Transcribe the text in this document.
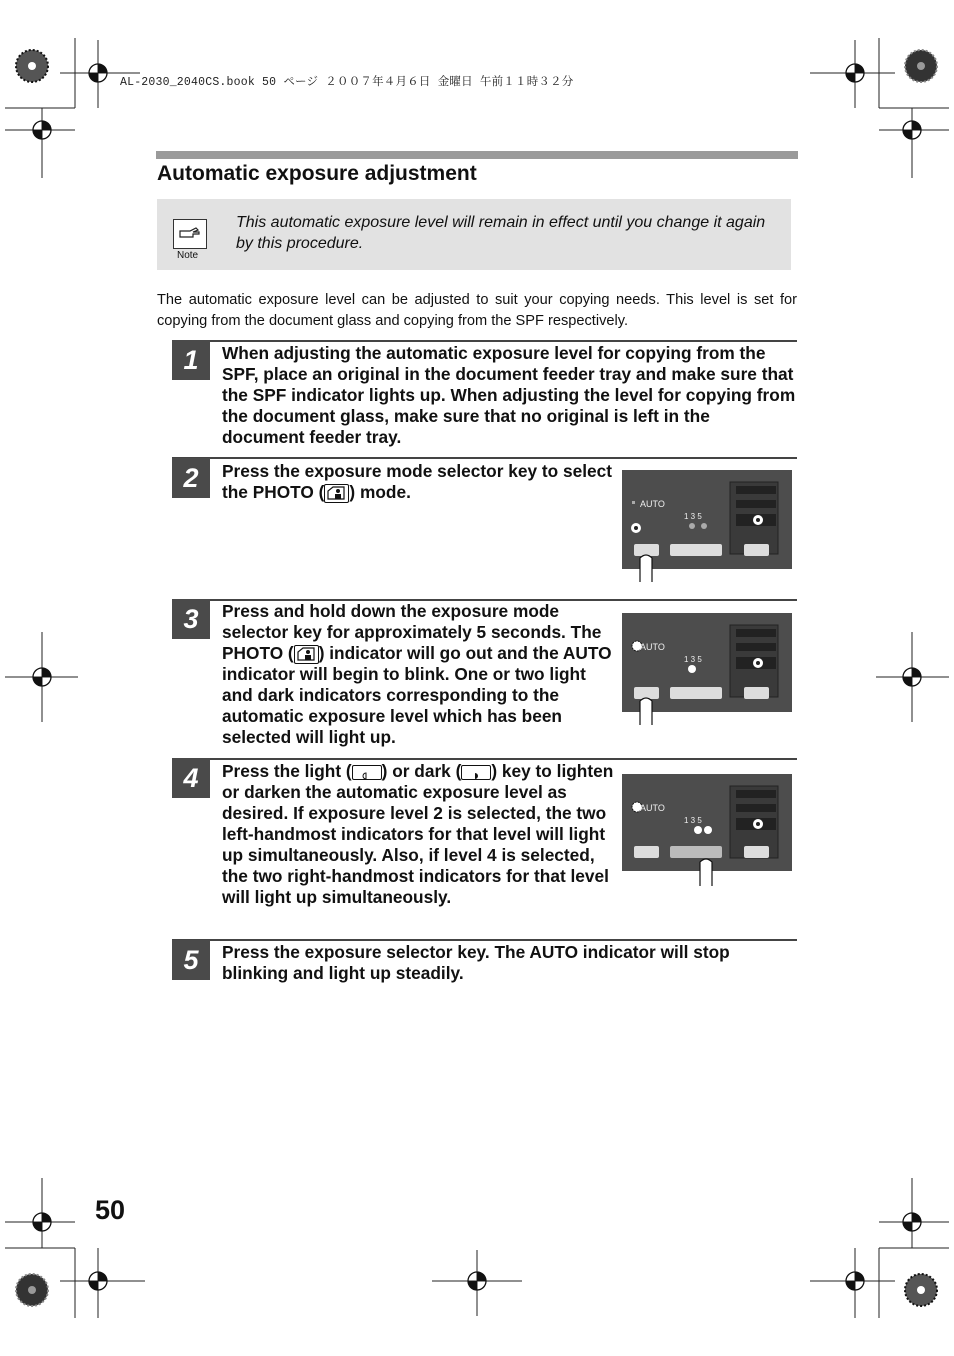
AL-2030_2040CS.book 50 ページ ２００７年４月６日 金曜日 午前１１時３２分
Automatic exposure adjustment
Note
This automatic exposure level will remain in effect until you change it again by this procedure.
The automatic exposure level can be adjusted to suit your copying needs. This level is set for copying from the document glass and copying from the SPF respectively.
1	When adjusting the automatic exposure level for copying from the SPF, place an original in the document feeder tray and make sure that the SPF indicator lights up. When adjusting the level for copying from the document glass, make sure that no original is left in the document feeder tray.
2	Press the exposure mode selector key to select the PHOTO ( ) mode.
3	Press and hold down the exposure mode selector key for approximately 5 seconds. The PHOTO ( ) indicator will go out and the AUTO indicator will begin to blink. One or two light and dark indicators corresponding to the automatic exposure level which has been selected will light up.
4	Press the light ( ) or dark ( ) key to lighten or darken the automatic exposure level as desired. If exposure level 2 is selected, the two left-handmost indicators for that level will light up simultaneously. Also, if level 4 is selected, the two right-handmost indicators for that level will light up simultaneously.
5	Press the exposure selector key. The AUTO indicator will stop blinking and light up steadily.
AUTO
1 3 5
AUTO
1 3 5
AUTO
1 3 5
50
